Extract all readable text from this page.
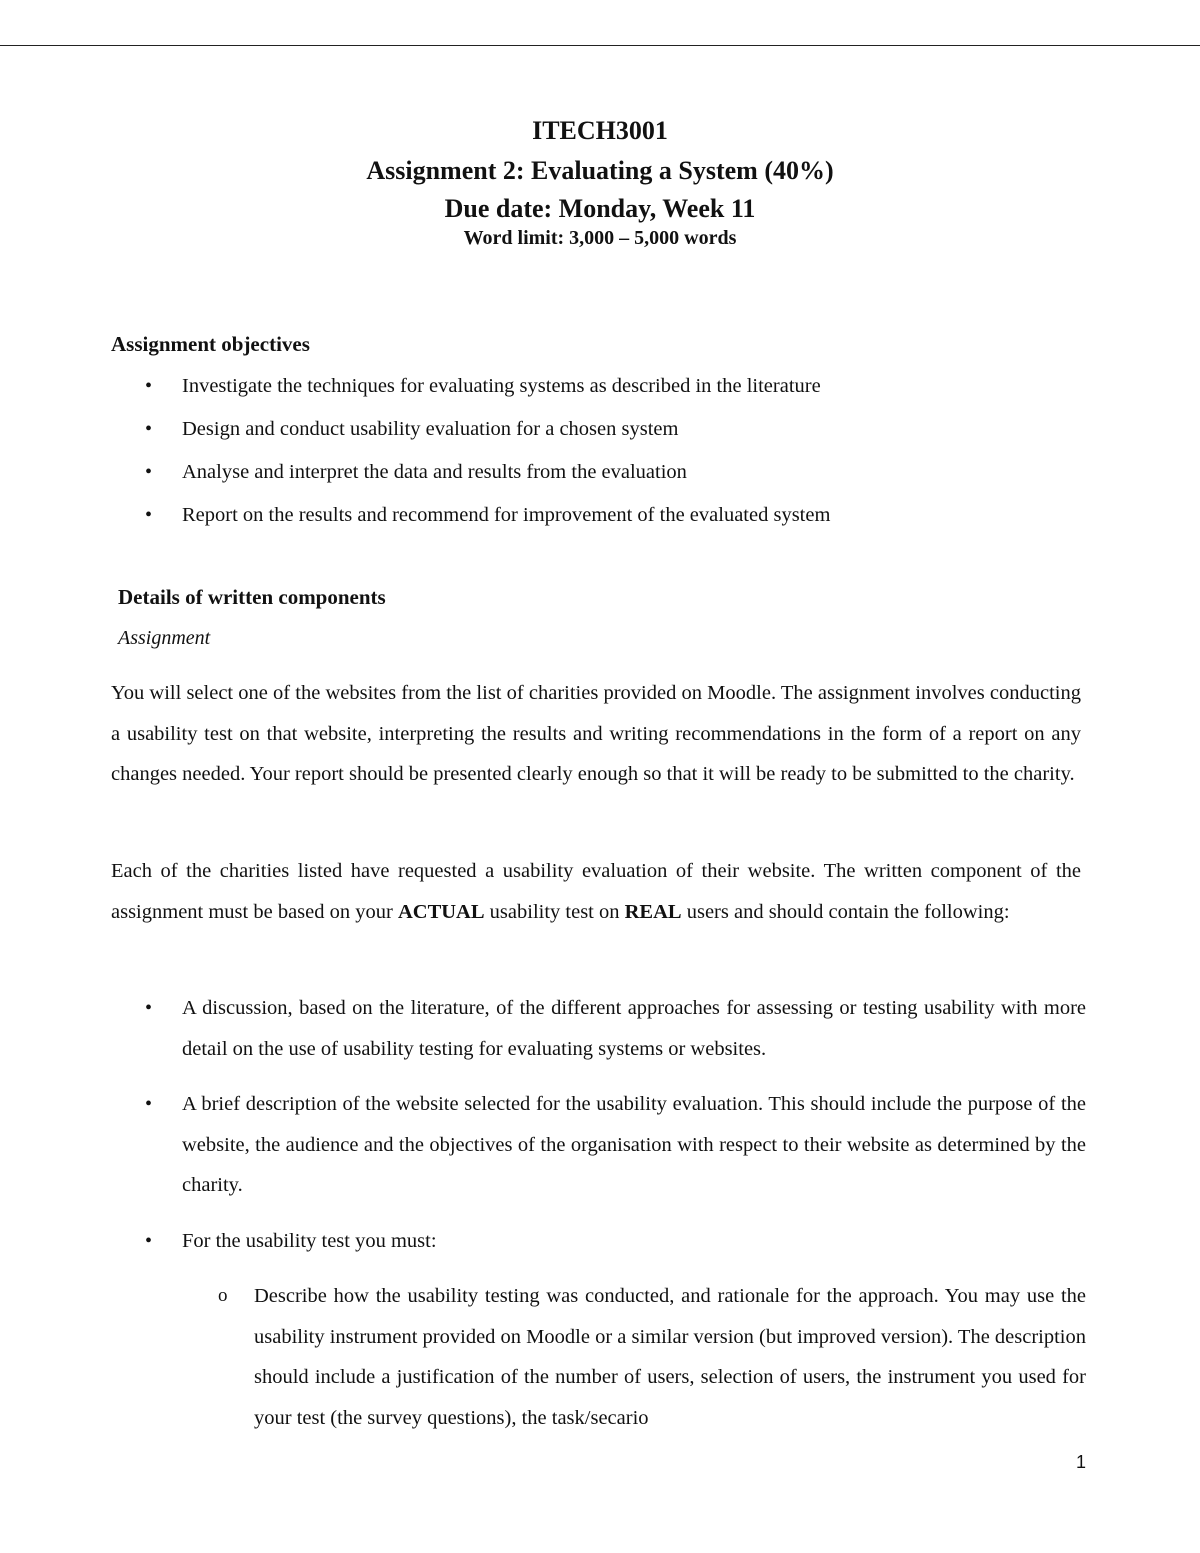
ITECH3001
Assignment 2: Evaluating a System (40%)
Due date: Monday, Week 11
Word limit: 3,000 – 5,000 words
Assignment objectives
• Investigate the techniques for evaluating systems as described in the literature
• Design and conduct usability evaluation for a chosen system
• Analyse and interpret the data and results from the evaluation
• Report on the results and recommend for improvement of the evaluated system
Details of written components
Assignment

You will select one of the websites from the list of charities provided on Moodle. The assignment involves conducting a usability test on that website, interpreting the results and writing recommendations in the form of a report on any changes needed. Your report should be presented clearly enough so that it will be ready to be submitted to the charity.

Each of the charities listed have requested a usability evaluation of their website. The written component of the assignment must be based on your ACTUAL usability test on REAL users and should contain the following:

• A discussion, based on the literature, of the different approaches for assessing or testing usability with more detail on the use of usability testing for evaluating systems or websites.
• A brief description of the website selected for the usability evaluation. This should include the purpose of the website, the audience and the objectives of the organisation with respect to their website as determined by the charity.
• For the usability test you must:
o Describe how the usability testing was conducted, and rationale for the approach. You may use the usability instrument provided on Moodle or a similar version (but improved version). The description should include a justification of the number of users, selection of users, the instrument you used for your test (the survey questions), the task/secario
1
